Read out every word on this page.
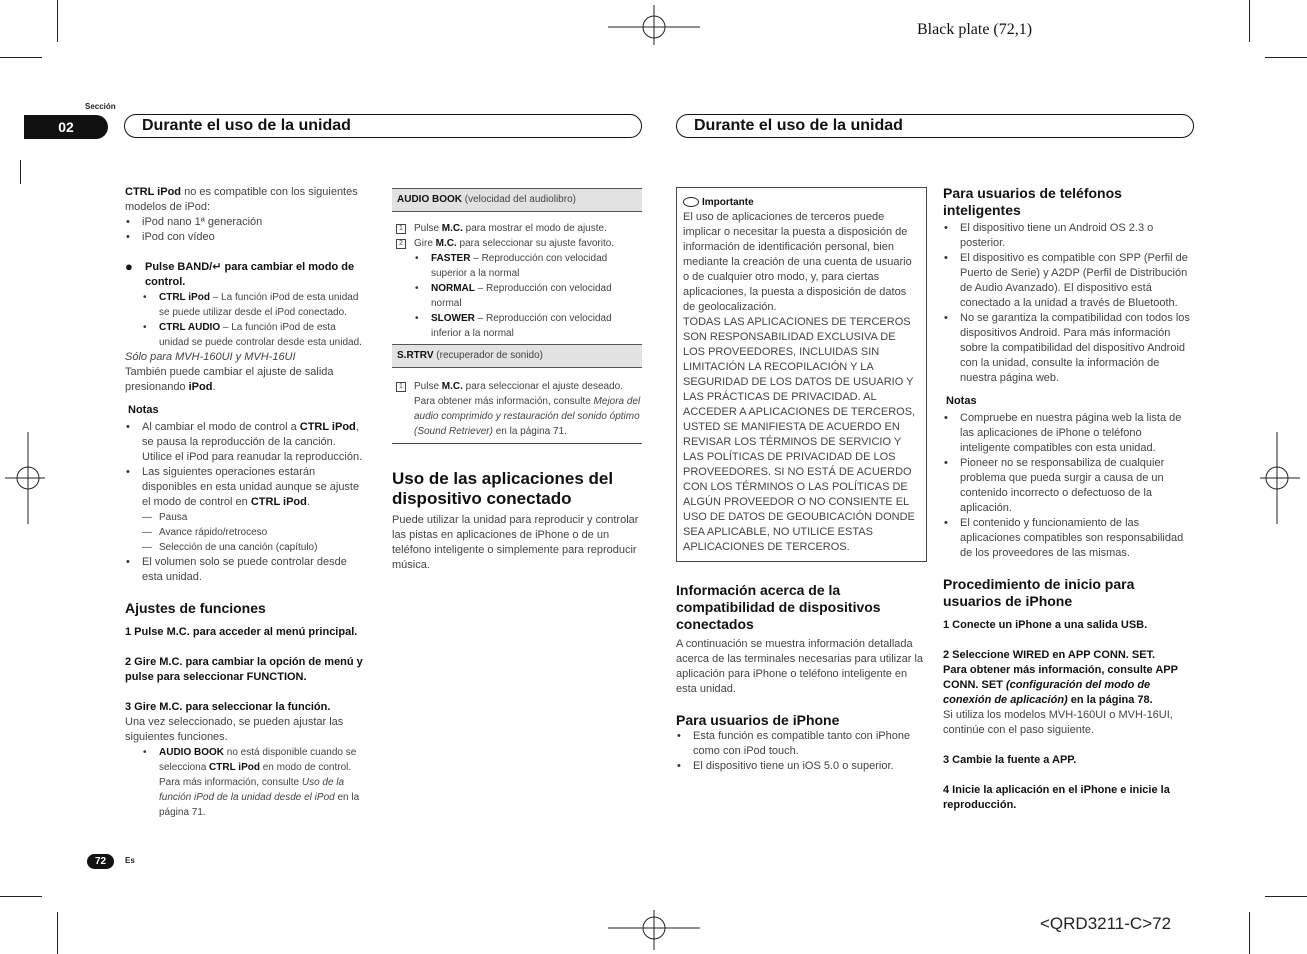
Black plate (72,1)
<QRD3211-C>72
Sección
02	Durante el uso de la unidad	Durante el uso de la unidad

CTRL iPod no es compatible con los siguientes modelos de iPod:

• iPod nano 1ª generación
• iPod con vídeo

● Pulse BAND/↵ para cambiar el modo de control.

• CTRL iPod – La función iPod de esta unidad se puede utilizar desde el iPod conectado.
• CTRL AUDIO – La función iPod de esta unidad se puede controlar desde esta unidad.

Sólo para MVH-160UI y MVH-16UI

También puede cambiar el ajuste de salida presionando iPod.

Notas

• Al cambiar el modo de control a CTRL iPod, se pausa la reproducción de la canción. Utilice el iPod para reanudar la reproducción.
• Las siguientes operaciones estarán disponibles en esta unidad aunque se ajuste el modo de control en CTRL iPod.
— Pausa
— Avance rápido/retroceso
— Selección de una canción (capítulo)
• El volumen solo se puede controlar desde esta unidad.

Ajustes de funciones

1 Pulse M.C. para acceder al menú principal.

2 Gire M.C. para cambiar la opción de menú y pulse para seleccionar FUNCTION.

3 Gire M.C. para seleccionar la función.

Una vez seleccionado, se pueden ajustar las siguientes funciones.

• AUDIO BOOK no está disponible cuando se selecciona CTRL iPod en modo de control. Para más información, consulte Uso de la función iPod de la unidad desde el iPod en la página 71.
AUDIO BOOK (velocidad del audiolibro)
1	Pulse M.C. para mostrar el modo de ajuste.
2	Gire M.C. para seleccionar su ajuste favorito.
• FASTER – Reproducción con velocidad superior a la normal
• NORMAL – Reproducción con velocidad normal
• SLOWER – Reproducción con velocidad inferior a la normal
S.RTRV (recuperador de sonido)
1	Pulse M.C. para seleccionar el ajuste deseado. Para obtener más información, consulte Mejora del audio comprimido y restauración del sonido óptimo (Sound Retriever) en la página 71.

Uso de las aplicaciones del dispositivo conectado

Puede utilizar la unidad para reproducir y controlar las pistas en aplicaciones de iPhone o de un teléfono inteligente o simplemente para reproducir música.

Importante

El uso de aplicaciones de terceros puede implicar o necesitar la puesta a disposición de información de identificación personal, bien mediante la creación de una cuenta de usuario o de cualquier otro modo, y, para ciertas aplicaciones, la puesta a disposición de datos de geolocalización.

TODAS LAS APLICACIONES DE TERCEROS SON RESPONSABILIDAD EXCLUSIVA DE LOS PROVEEDORES, INCLUIDAS SIN LIMITACIÓN LA RECOPILACIÓN Y LA SEGURIDAD DE LOS DATOS DE USUARIO Y LAS PRÁCTICAS DE PRIVACIDAD. AL ACCEDER A APLICACIONES DE TERCEROS, USTED SE MANIFIESTA DE ACUERDO EN REVISAR LOS TÉRMINOS DE SERVICIO Y LAS POLÍTICAS DE PRIVACIDAD DE LOS PROVEEDORES. SI NO ESTÁ DE ACUERDO CON LOS TÉRMINOS O LAS POLÍTICAS DE ALGÚN PROVEEDOR O NO CONSIENTE EL USO DE DATOS DE GEOUBICACIÓN DONDE SEA APLICABLE, NO UTILICE ESTAS APLICACIONES DE TERCEROS.

Información acerca de la compatibilidad de dispositivos conectados

A continuación se muestra información detallada acerca de las terminales necesarias para utilizar la aplicación para iPhone o teléfono inteligente en esta unidad.

Para usuarios de iPhone

• Esta función es compatible tanto con iPhone como con iPod touch.
• El dispositivo tiene un iOS 5.0 o superior.

Para usuarios de teléfonos inteligentes

• El dispositivo tiene un Android OS 2.3 o posterior.
• El dispositivo es compatible con SPP (Perfil de Puerto de Serie) y A2DP (Perfil de Distribución de Audio Avanzado). El dispositivo está conectado a la unidad a través de Bluetooth.
• No se garantiza la compatibilidad con todos los dispositivos Android. Para más información sobre la compatibilidad del dispositivo Android con la unidad, consulte la información de nuestra página web.

Notas

• Compruebe en nuestra página web la lista de las aplicaciones de iPhone o teléfono inteligente compatibles con esta unidad.
• Pioneer no se responsabiliza de cualquier problema que pueda surgir a causa de un contenido incorrecto o defectuoso de la aplicación.
• El contenido y funcionamiento de las aplicaciones compatibles son responsabilidad de los proveedores de las mismas.

Procedimiento de inicio para usuarios de iPhone

1 Conecte un iPhone a una salida USB.

2 Seleccione WIRED en APP CONN. SET.

Para obtener más información, consulte APP CONN. SET (configuración del modo de conexión de aplicación) en la página 78.

Si utiliza los modelos MVH-160UI o MVH-16UI, continúe con el paso siguiente.

3 Cambie la fuente a APP.

4 Inicie la aplicación en el iPhone e inicie la reproducción.

72	Es
